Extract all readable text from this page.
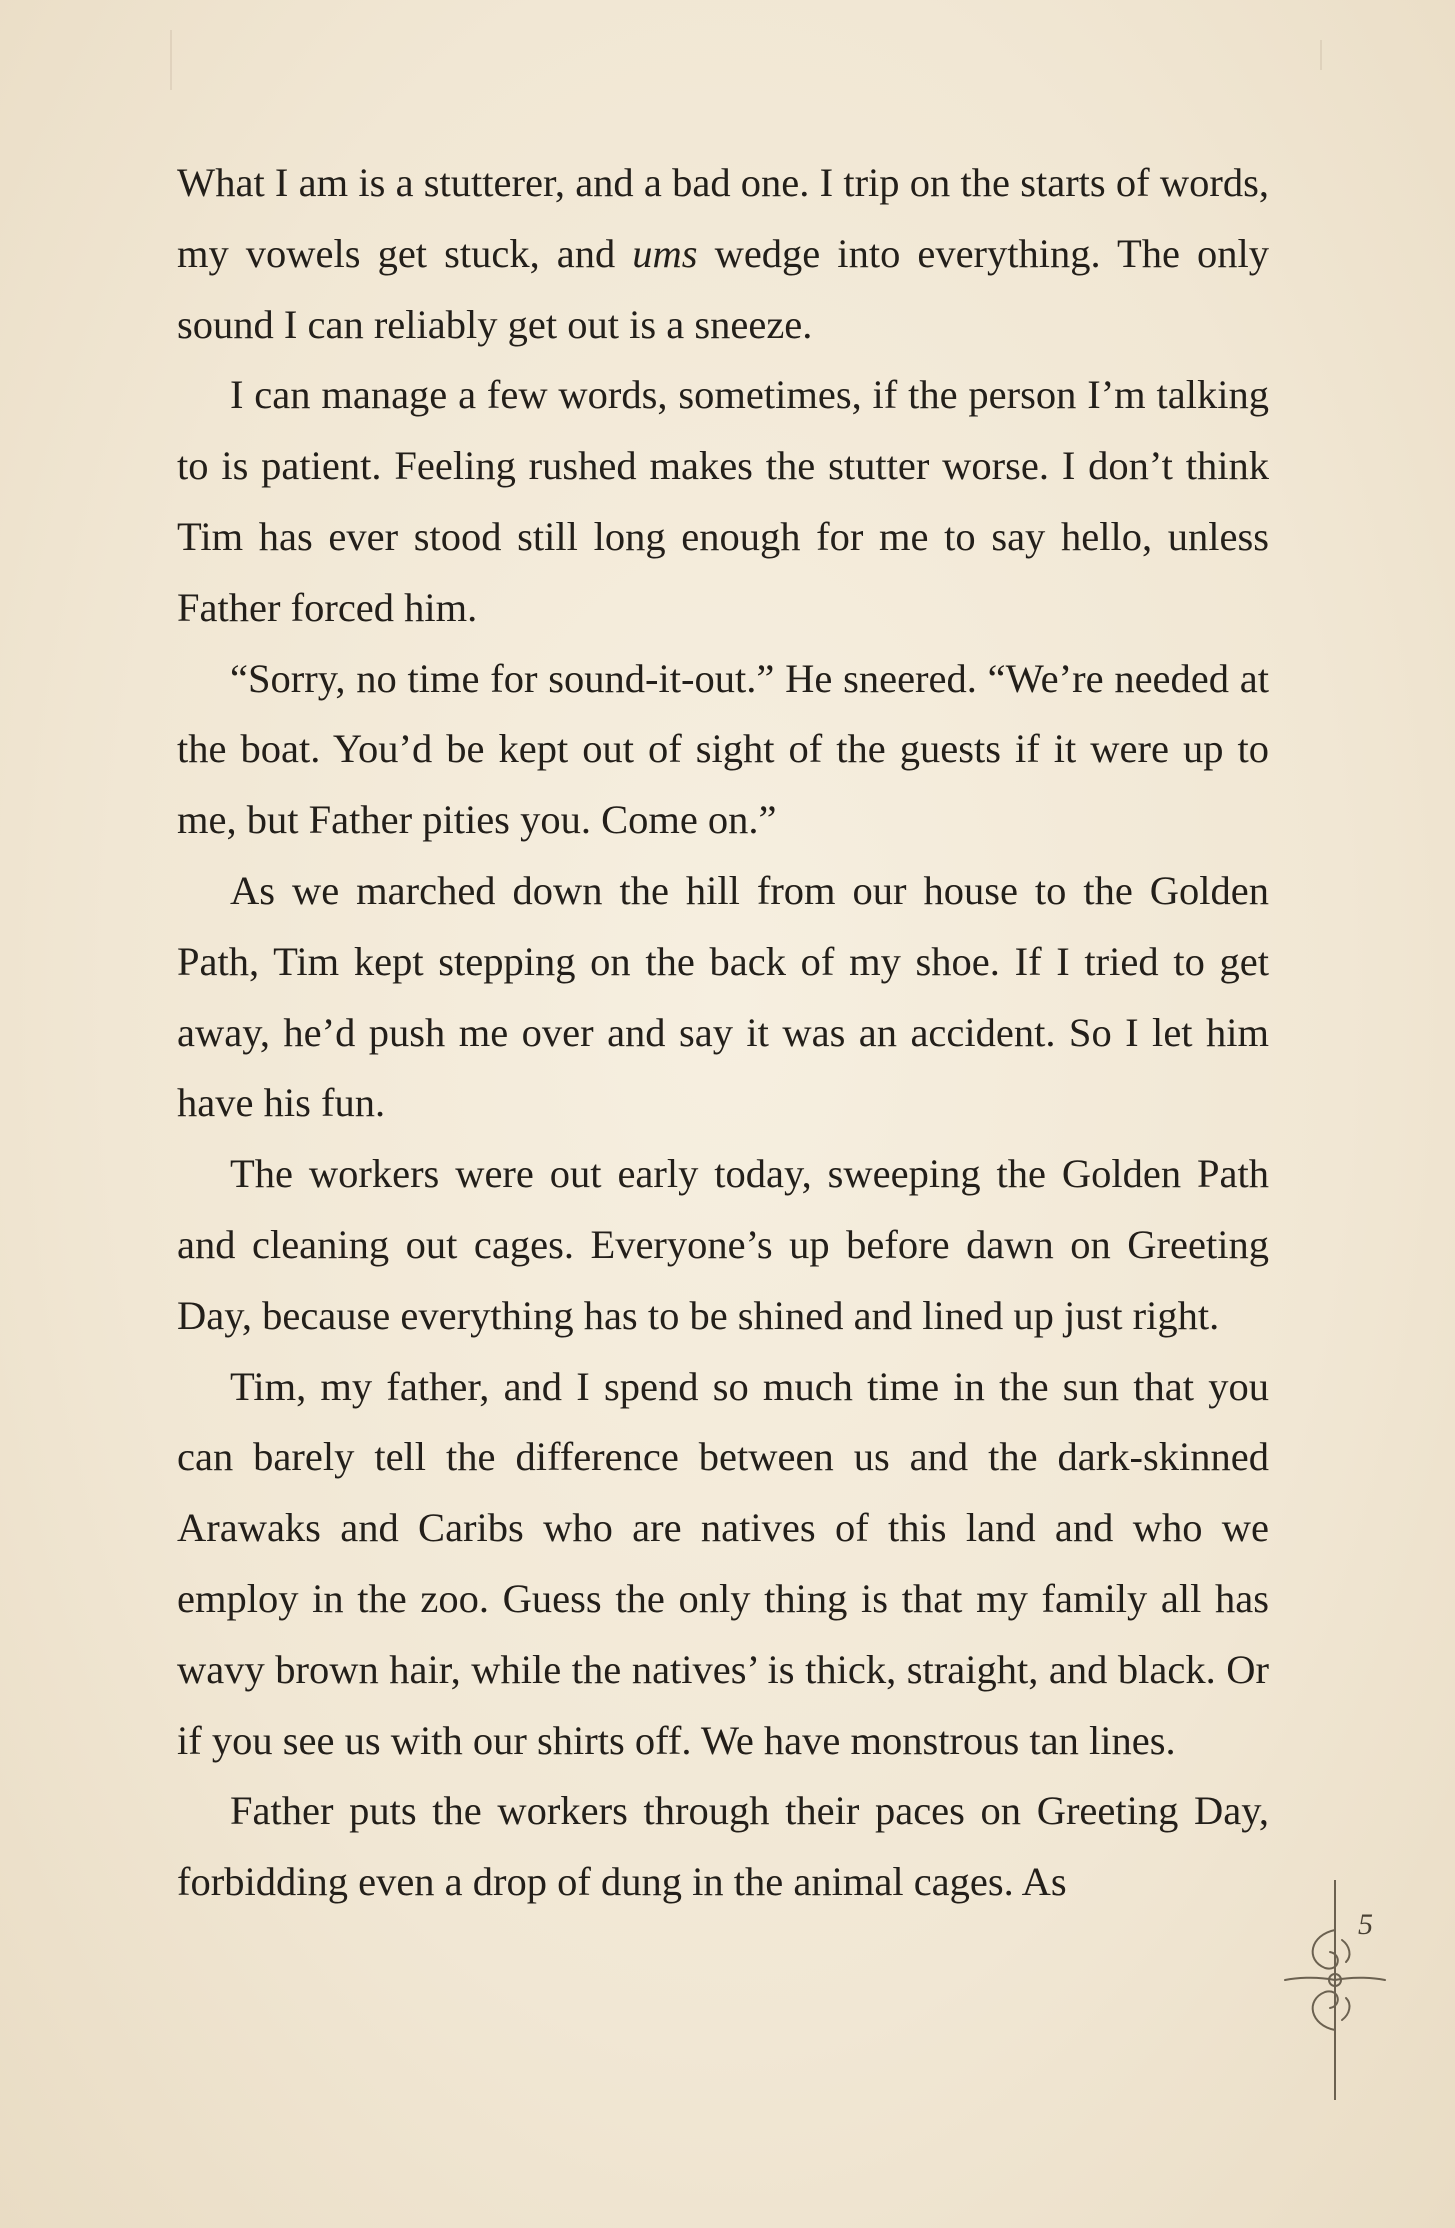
What I am is a stutterer, and a bad one. I trip on the starts of words, my vowels get stuck, and ums wedge into everything. The only sound I can reliably get out is a sneeze.

I can manage a few words, sometimes, if the person I’m talking to is patient. Feeling rushed makes the stutter worse. I don’t think Tim has ever stood still long enough for me to say hello, unless Father forced him.

“Sorry, no time for sound-it-out.” He sneered. “We’re needed at the boat. You’d be kept out of sight of the guests if it were up to me, but Father pities you. Come on.”

As we marched down the hill from our house to the Golden Path, Tim kept stepping on the back of my shoe. If I tried to get away, he’d push me over and say it was an accident. So I let him have his fun.

The workers were out early today, sweeping the Golden Path and cleaning out cages. Everyone’s up before dawn on Greeting Day, because everything has to be shined and lined up just right.

Tim, my father, and I spend so much time in the sun that you can barely tell the difference between us and the dark-skinned Arawaks and Caribs who are natives of this land and who we employ in the zoo. Guess the only thing is that my family all has wavy brown hair, while the natives’ is thick, straight, and black. Or if you see us with our shirts off. We have monstrous tan lines.

Father puts the workers through their paces on Greeting Day, forbidding even a drop of dung in the animal cages. As

5
